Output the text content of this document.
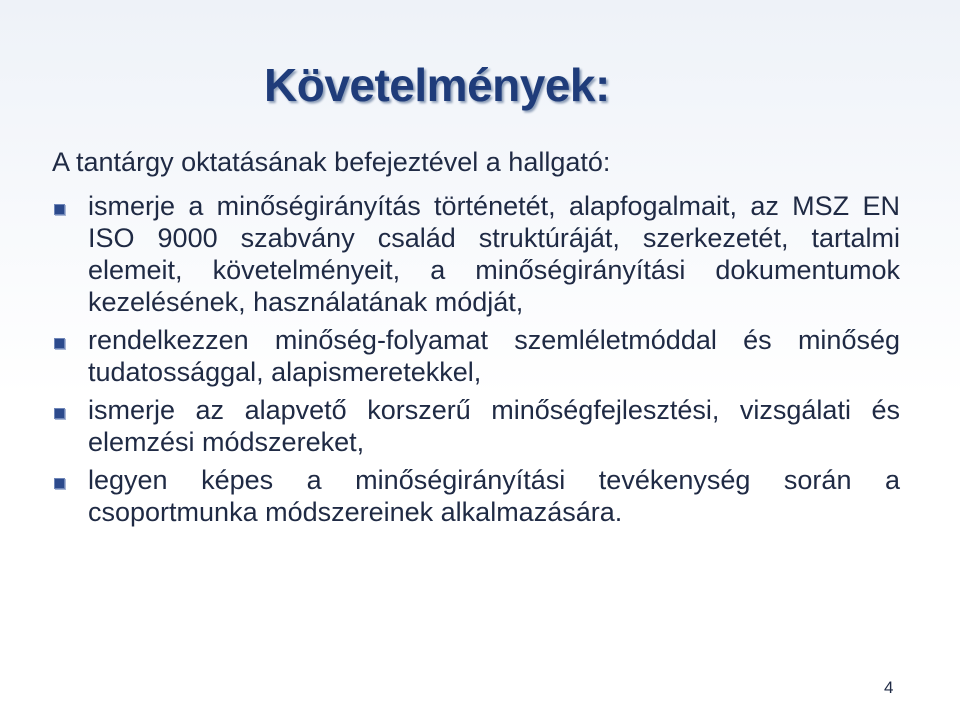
Követelmények:

A tantárgy oktatásának befejeztével a hallgató:

ismerje a minőségirányítás történetét, alapfogalmait, az MSZ EN ISO 9000 szabvány család struktúráját, szerkezetét, tartalmi elemeit, követelményeit, a minőségirányítási dokumentumok kezelésének, használatának módját,
rendelkezzen minőség-folyamat szemléletmóddal és minőség tudatossággal, alapismeretekkel,
ismerje az alapvető korszerű minőségfejlesztési, vizsgálati és elemzési módszereket,
legyen képes a minőségirányítási tevékenység során a csoportmunka módszereinek alkalmazására.
4
